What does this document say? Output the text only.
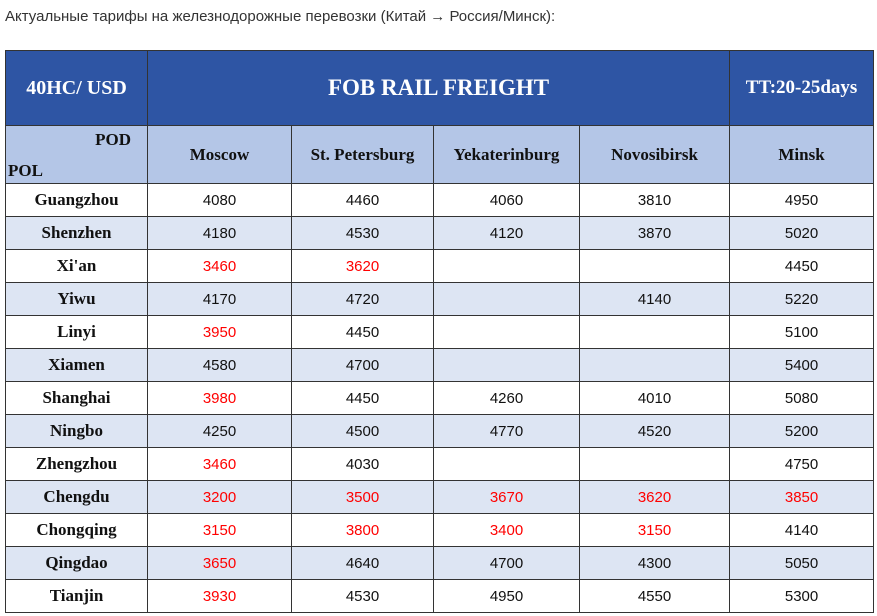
Актуальные тарифы на железнодорожные перевозки (Китай → Россия/Минск):
40HC/ USD	FOB RAIL FREIGHT				TT:20-25days

POD
POL	Moscow	St. Petersburg	Yekaterinburg	Novosibirsk	Minsk
Guangzhou	4080	4460	4060	3810	4950
Shenzhen	4180	4530	4120	3870	5020
Xi'an	3460	3620			4450
Yiwu	4170	4720		4140	5220
Linyi	3950	4450			5100
Xiamen	4580	4700			5400
Shanghai	3980	4450	4260	4010	5080
Ningbo	4250	4500	4770	4520	5200
Zhengzhou	3460	4030			4750
Chengdu	3200	3500	3670	3620	3850
Chongqing	3150	3800	3400	3150	4140
Qingdao	3650	4640	4700	4300	5050
Tianjin	3930	4530	4950	4550	5300
